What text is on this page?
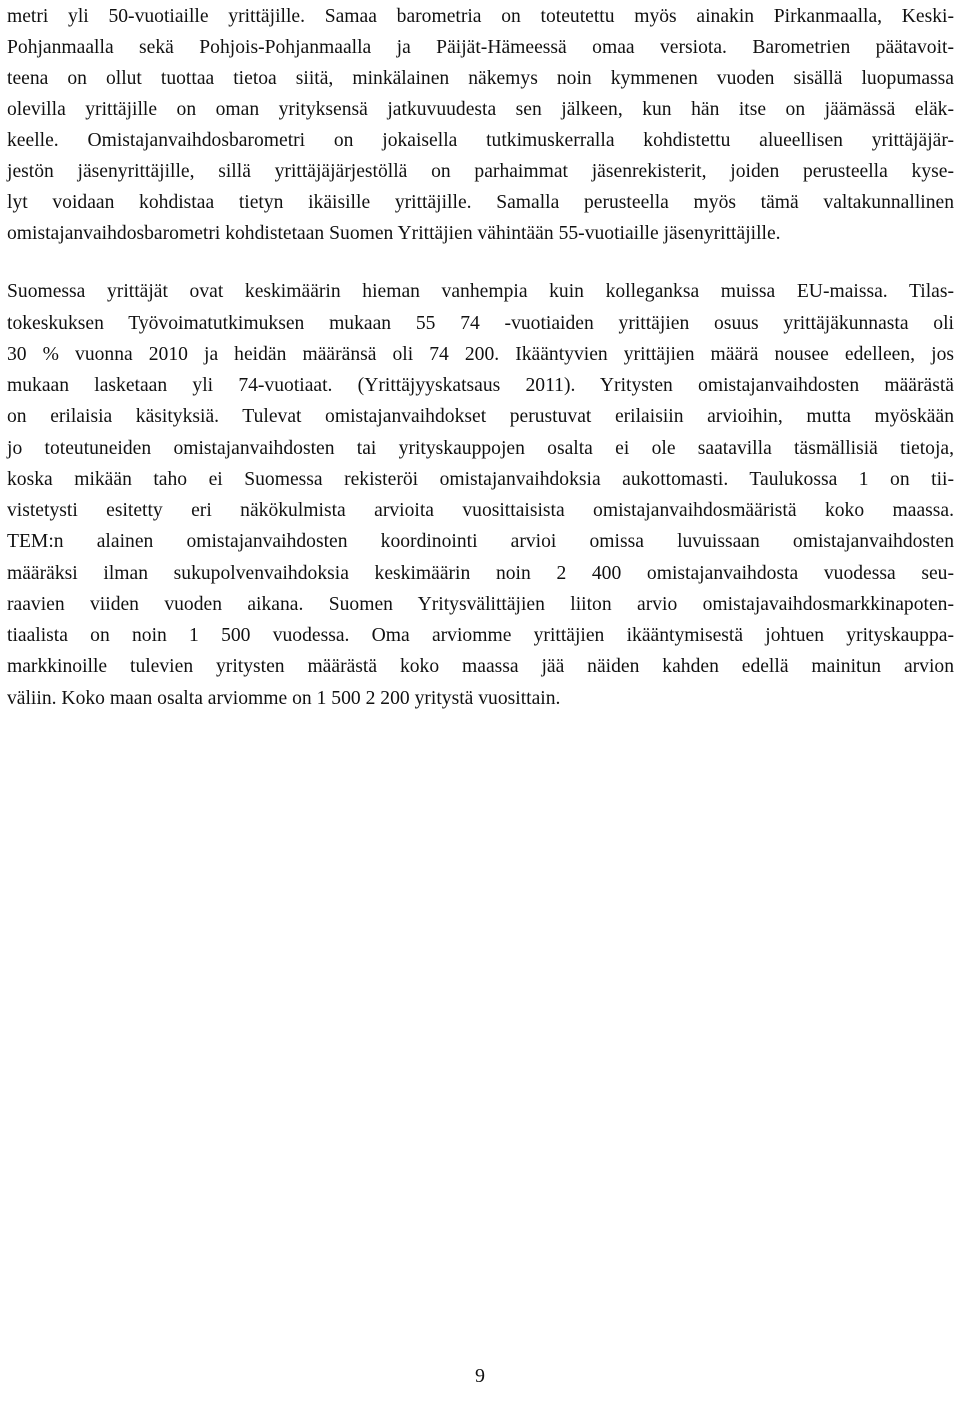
metri yli 50-vuotiaille yrittäjille. Samaa barometria on toteutettu myös ainakin Pirkanmaalla, Keski-
Pohjanmaalla sekä Pohjois-Pohjanmaalla ja Päijät-Hämeessä omaa versiota. Barometrien päätavoit-
teena on ollut tuottaa tietoa siitä, minkälainen näkemys noin kymmenen vuoden sisällä luopumassa
olevilla yrittäjille on oman yrityksensä jatkuvuudesta sen jälkeen, kun hän itse on jäämässä eläk-
keelle. Omistajanvaihdosbarometri on jokaisella tutkimuskerralla kohdistettu alueellisen yrittäjäjär-
jestön jäsenyrittäjille, sillä yrittäjäjärjestöllä on parhaimmat jäsenrekisterit, joiden perusteella kyse-
lyt voidaan kohdistaa tietyn ikäisille yrittäjille. Samalla perusteella myös tämä valtakunnallinen
omistajanvaihdosbarometri kohdistetaan Suomen Yrittäjien vähintään 55-vuotiaille jäsenyrittäjille.
Suomessa yrittäjät ovat keskimäärin hieman vanhempia kuin kolleganksa muissa EU-maissa. Tilas-
tokeskuksen Työvoimatutkimuksen mukaan 55 74 -vuotiaiden yrittäjien osuus yrittäjäkunnasta oli
30 % vuonna 2010 ja heidän määränsä oli 74 200. Ikääntyvien yrittäjien määrä nousee edelleen, jos
mukaan lasketaan yli 74-vuotiaat. (Yrittäjyyskatsaus 2011). Yritysten omistajanvaihdosten määrästä
on erilaisia käsityksiä. Tulevat omistajanvaihdokset perustuvat erilaisiin arvioihin, mutta myöskään
jo toteutuneiden omistajanvaihdosten tai yrityskauppojen osalta ei ole saatavilla täsmällisiä tietoja,
koska mikään taho ei Suomessa rekisteröi omistajanvaihdoksia aukottomasti. Taulukossa 1 on tii-
vistetysti esitetty eri näkökulmista arvioita vuosittaisista omistajanvaihdosmääristä koko maassa.
TEM:n alainen omistajanvaihdosten koordinointi arvioi omissa luvuissaan omistajanvaihdosten
määräksi ilman sukupolvenvaihdoksia keskimäärin noin 2 400 omistajanvaihdosta vuodessa seu-
raavien viiden vuoden aikana. Suomen Yritysvälittäjien liiton arvio omistajavaihdosmarkkinapoten-
tiaalista on noin 1 500 vuodessa. Oma arviomme yrittäjien ikääntymisestä johtuen yrityskauppa-
markkinoille tulevien yritysten määrästä koko maassa jää näiden kahden edellä mainitun arvion
väliin. Koko maan osalta arviomme on 1 500 2 200 yritystä vuosittain.
9
